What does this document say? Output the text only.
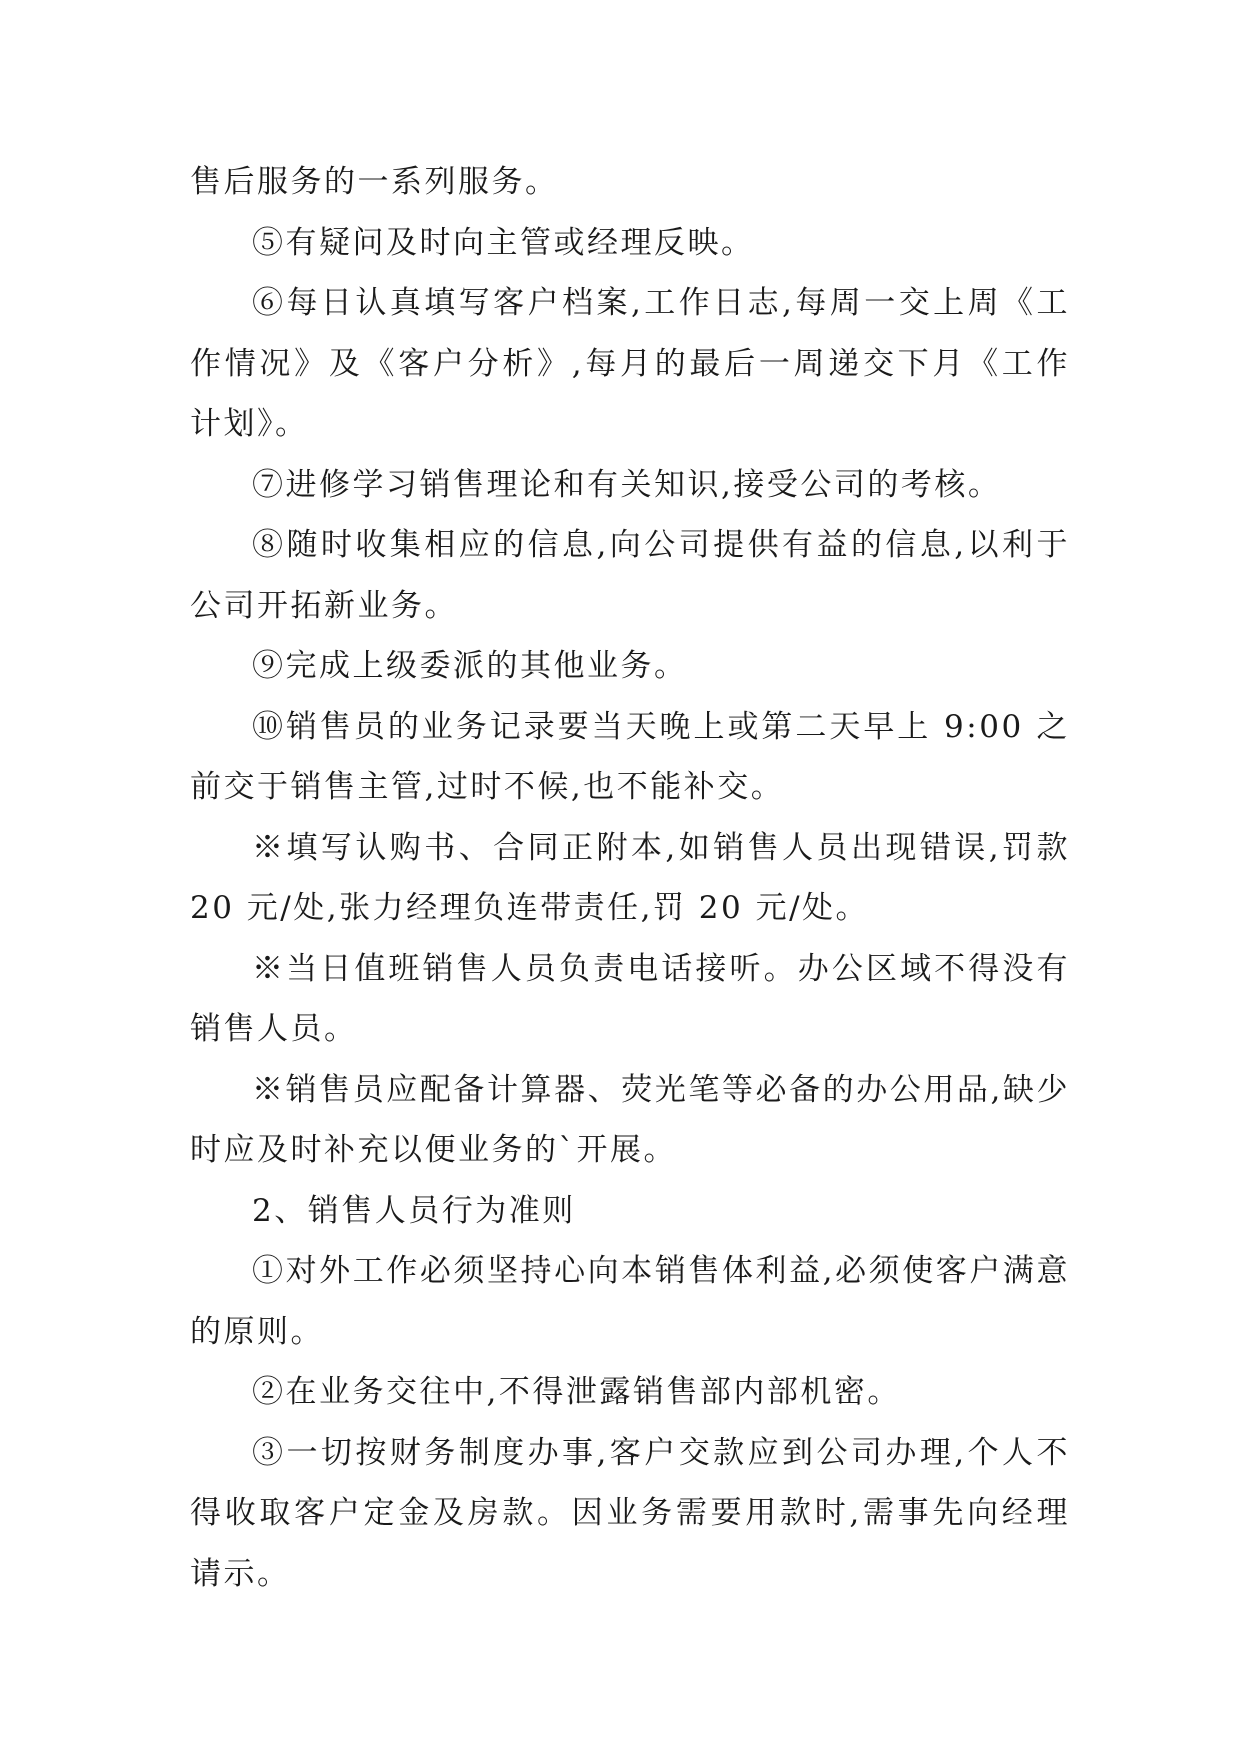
售后服务的一系列服务。

⑤有疑问及时向主管或经理反映。

⑥每日认真填写客户档案,工作日志,每周一交上周《工作情况》及《客户分析》,每月的最后一周递交下月《工作计划》。

⑦进修学习销售理论和有关知识,接受公司的考核。

⑧随时收集相应的信息,向公司提供有益的信息,以利于公司开拓新业务。

⑨完成上级委派的其他业务。

⑩销售员的业务记录要当天晚上或第二天早上 9:00 之前交于销售主管,过时不候,也不能补交。

※填写认购书、合同正附本,如销售人员出现错误,罚款 20 元/处,张力经理负连带责任,罚 20 元/处。

※当日值班销售人员负责电话接听。办公区域不得没有销售人员。

※销售员应配备计算器、荧光笔等必备的办公用品,缺少时应及时补充以便业务的`开展。

2、销售人员行为准则

①对外工作必须坚持心向本销售体利益,必须使客户满意的原则。

②在业务交往中,不得泄露销售部内部机密。

③一切按财务制度办事,客户交款应到公司办理,个人不得收取客户定金及房款。因业务需要用款时,需事先向经理请示。
